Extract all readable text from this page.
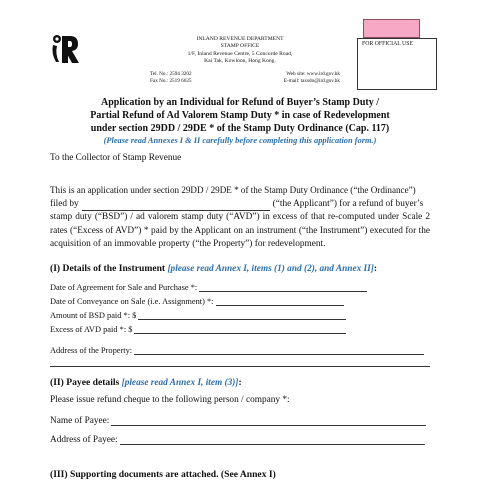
INLAND REVENUE DEPARTMENT
STAMP OFFICE
1/F, Inland Revenue Centre, 5 Concorde Road,
Kai Tak, Kowloon, Hong Kong.
Tel. No.: 2594 3202	Web site: www.ird.gov.hk
Fax No.: 2519 6625	E-mail: taxsdo@ird.gov.hk
FOR OFFICIAL USE
Application by an Individual for Refund of Buyer’s Stamp Duty /
Partial Refund of Ad Valorem Stamp Duty * in case of Redevelopment
under section 29DD / 29DE * of the Stamp Duty Ordinance (Cap. 117)
(Please read Annexes I & II carefully before completing this application form.)
To the Collector of Stamp Revenue
This is an application under section 29DD / 29DE * of the Stamp Duty Ordinance (“the Ordinance”)
filed by	(“the Applicant”) for a refund of buyer’s
stamp duty (“BSD”) / ad valorem stamp duty (“AVD”) in excess of that re-computed under Scale 2 rates (“Excess of AVD”) * paid by the Applicant on an instrument (“the Instrument”) executed for the acquisition of an immovable property (“the Property”) for redevelopment.
(I) Details of the Instrument [please read Annex I, items (1) and (2), and Annex II]:
Date of Agreement for Sale and Purchase *:
Date of Conveyance on Sale (i.e. Assignment) *:
Amount of BSD paid *: $
Excess of AVD paid *: $
Address of the Property:
(II) Payee details [please read Annex I, item (3)]:
Please issue refund cheque to the following person / company *:
Name of Payee:
Address of Payee:
(III) Supporting documents are attached. (See Annex I)
